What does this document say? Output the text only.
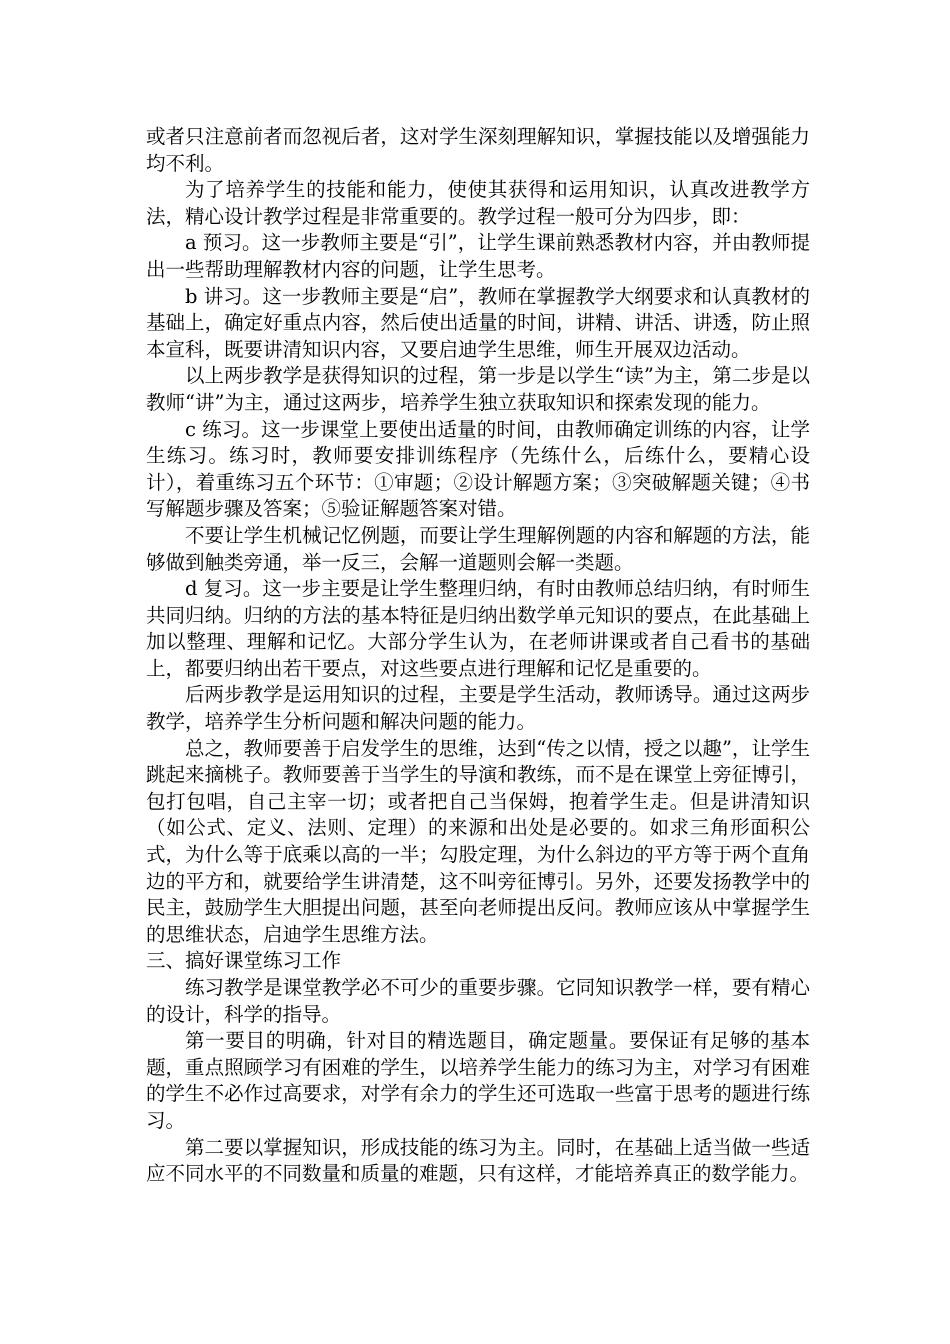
或者只注意前者而忽视后者，这对学生深刻理解知识，掌握技能以及增强能力均不利。

为了培养学生的技能和能力，使使其获得和运用知识，认真改进教学方法，精心设计教学过程是非常重要的。教学过程一般可分为四步，即：

a 预习。这一步教师主要是“引”，让学生课前熟悉教材内容，并由教师提出一些帮助理解教材内容的问题，让学生思考。

b 讲习。这一步教师主要是“启”，教师在掌握教学大纲要求和认真教材的基础上，确定好重点内容，然后使出适量的时间，讲精、讲活、讲透，防止照本宣科，既要讲清知识内容，又要启迪学生思维，师生开展双边活动。

以上两步教学是获得知识的过程，第一步是以学生“读”为主，第二步是以教师“讲”为主，通过这两步，培养学生独立获取知识和探索发现的能力。

c 练习。这一步课堂上要使出适量的时间，由教师确定训练的内容，让学生练习。练习时，教师要安排训练程序（先练什么，后练什么，要精心设计），着重练习五个环节：①审题；②设计解题方案；③突破解题关键；④书写解题步骤及答案；⑤验证解题答案对错。

不要让学生机械记忆例题，而要让学生理解例题的内容和解题的方法，能够做到触类旁通，举一反三，会解一道题则会解一类题。

d 复习。这一步主要是让学生整理归纳，有时由教师总结归纳，有时师生共同归纳。归纳的方法的基本特征是归纳出数学单元知识的要点，在此基础上加以整理、理解和记忆。大部分学生认为，在老师讲课或者自己看书的基础上，都要归纳出若干要点，对这些要点进行理解和记忆是重要的。

后两步教学是运用知识的过程，主要是学生活动，教师诱导。通过这两步教学，培养学生分析问题和解决问题的能力。

总之，教师要善于启发学生的思维，达到“传之以情，授之以趣”，让学生跳起来摘桃子。教师要善于当学生的导演和教练，而不是在课堂上旁征博引，包打包唱，自己主宰一切；或者把自己当保姆，抱着学生走。但是讲清知识（如公式、定义、法则、定理）的来源和出处是必要的。如求三角形面积公式，为什么等于底乘以高的一半；勾股定理，为什么斜边的平方等于两个直角边的平方和，就要给学生讲清楚，这不叫旁征博引。另外，还要发扬教学中的民主，鼓励学生大胆提出问题，甚至向老师提出反问。教师应该从中掌握学生的思维状态，启迪学生思维方法。

三、搞好课堂练习工作

练习教学是课堂教学必不可少的重要步骤。它同知识教学一样，要有精心的设计，科学的指导。

第一要目的明确，针对目的精选题目，确定题量。要保证有足够的基本题，重点照顾学习有困难的学生，以培养学生能力的练习为主，对学习有困难的学生不必作过高要求，对学有余力的学生还可选取一些富于思考的题进行练习。

第二要以掌握知识，形成技能的练习为主。同时，在基础上适当做一些适应不同水平的不同数量和质量的难题，只有这样，才能培养真正的数学能力。
